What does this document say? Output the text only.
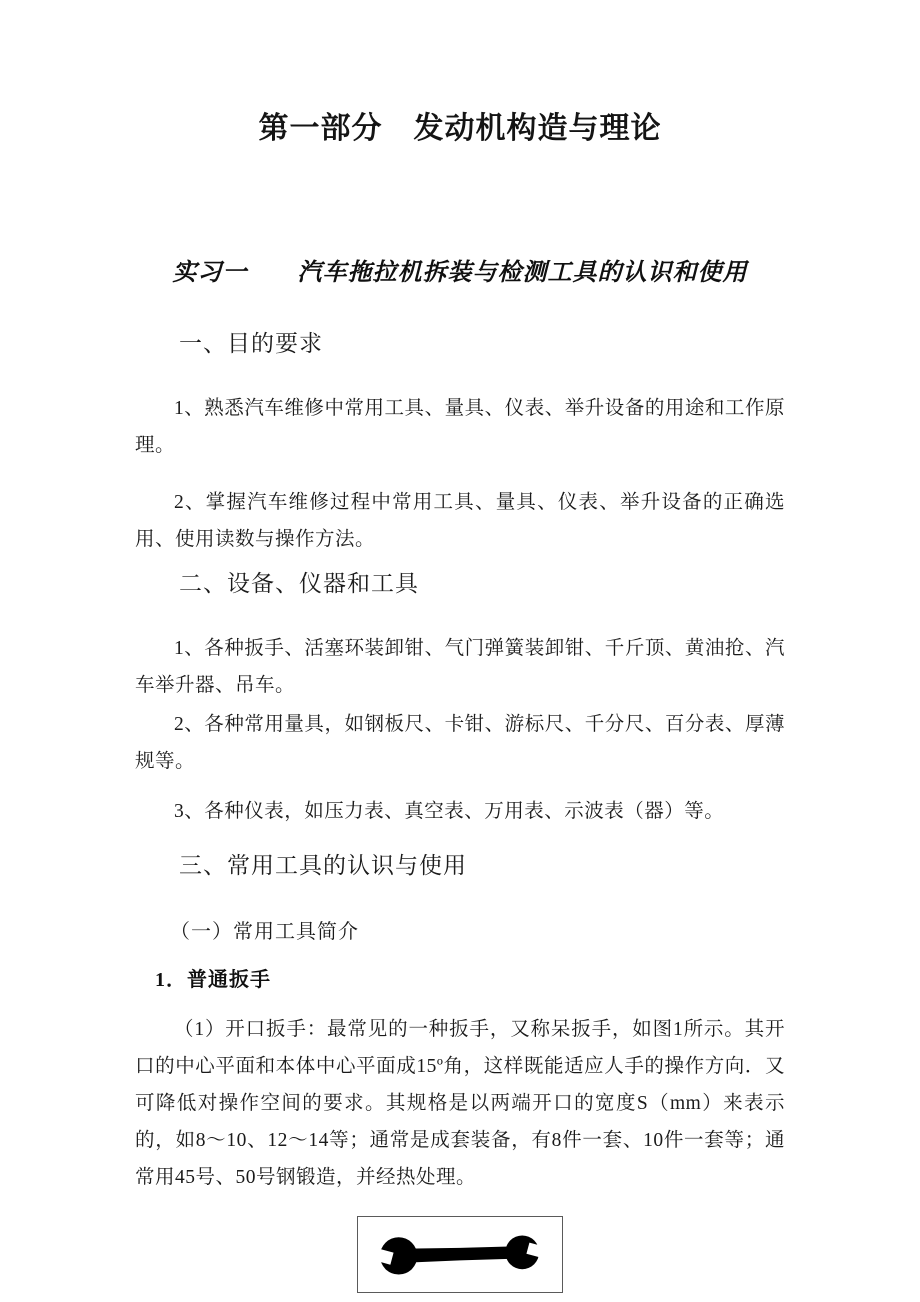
第一部分　发动机构造与理论
实习一　　汽车拖拉机拆装与检测工具的认识和使用
一、目的要求

1、熟悉汽车维修中常用工具、量具、仪表、举升设备的用途和工作原理。

2、掌握汽车维修过程中常用工具、量具、仪表、举升设备的正确选用、使用读数与操作方法。

二、设备、仪器和工具

1、各种扳手、活塞环装卸钳、气门弹簧装卸钳、千斤顶、黄油抢、汽车举升器、吊车。

2、各种常用量具，如钢板尺、卡钳、游标尺、千分尺、百分表、厚薄规等。

3、各种仪表，如压力表、真空表、万用表、示波表（器）等。

三、常用工具的认识与使用
（一）常用工具简介
1．普通扳手

（1）开口扳手：最常见的一种扳手，又称呆扳手，如图1所示。其开口的中心平面和本体中心平面成15º角，这样既能适应人手的操作方向．又可降低对操作空间的要求。其规格是以两端开口的宽度S（mm）来表示的，如8～10、12～14等；通常是成套装备，有8件一套、10件一套等；通常用45号、50号钢锻造，并经热处理。
